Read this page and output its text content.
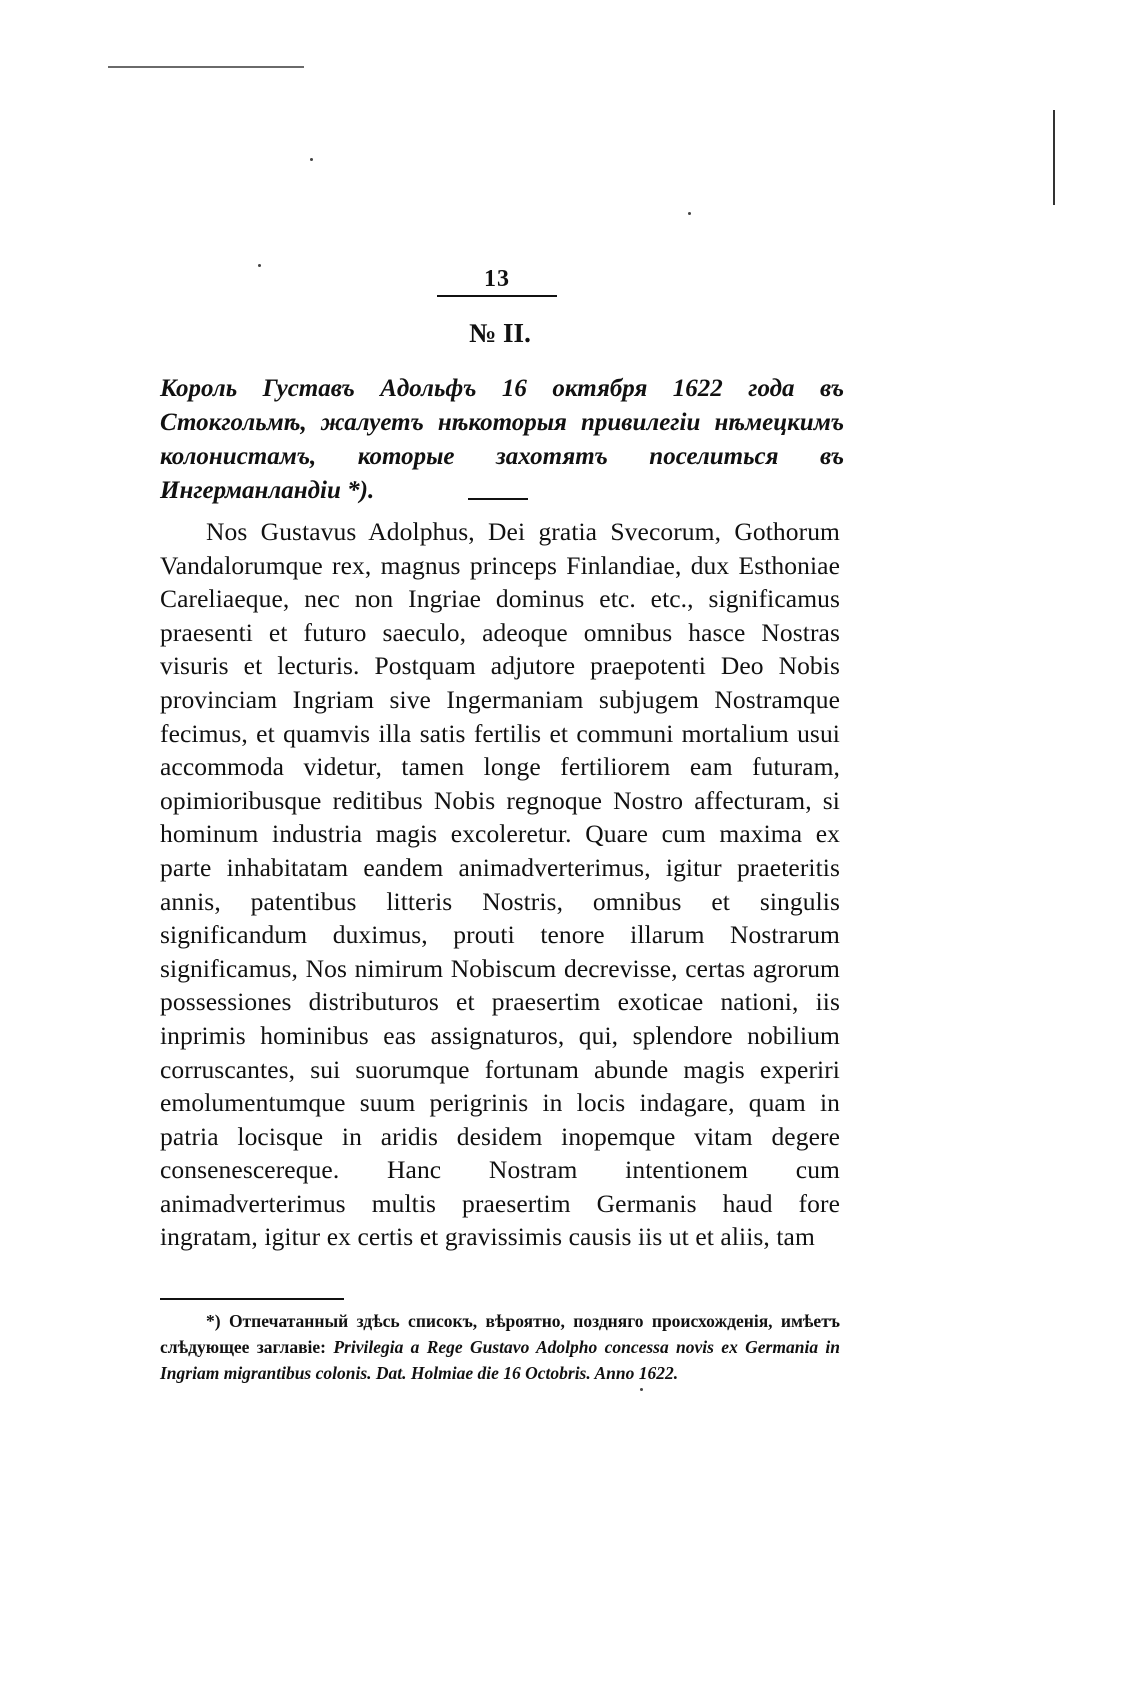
13
№ II.
Король Густавъ Адольфъ 16 октября 1622 года въ Стокгольмѣ, жалуетъ нѣкоторыя привилегiи нѣмецкимъ колонистамъ, которые захотятъ поселиться въ Ингерманландiи *).
Nos Gustavus Adolphus, Dei gratia Svecorum, Gothorum Vandalorumque rex, magnus princeps Finlandiae, dux Esthoniae Careliaeque, nec non Ingriae dominus etc. etc., significamus praesenti et futuro saeculo, adeoque omnibus hasce Nostras visuris et lecturis. Postquam adjutore praepotenti Deo Nobis provinciam Ingriam sive Ingermaniam subjugem Nostramque fecimus, et quamvis illa satis fertilis et communi mortalium usui accommoda videtur, tamen longe fertiliorem eam futuram, opimioribusque reditibus Nobis regnoque Nostro affecturam, si hominum industria magis excoleretur. Quare cum maxima ex parte inhabitatam eandem animadverterimus, igitur praeteritis annis, patentibus litteris Nostris, omnibus et singulis significandum duximus, prouti tenore illarum Nostrarum significamus, Nos nimirum Nobiscum decrevisse, certas agrorum possessiones distributuros et praesertim exoticae nationi, iis inprimis hominibus eas assignaturos, qui, splendore nobilium corruscantes, sui suorumque fortunam abunde magis experiri emolumentumque suum perigrinis in locis indagare, quam in patria locisque in aridis desidem inopemque vitam degere consenescereque. Hanc Nostram intentionem cum animadverterimus multis praesertim Germanis haud fore ingratam, igitur ex certis et gravissimis causis iis ut et aliis, tam
*) Отпечатанный здѣсь списокъ, вѣроятно, поздняго происхожденiя, имѣетъ слѣдующее заглавiе: Privilegia a Rege Gustavo Adolpho concessa novis ex Germania in Ingriam migrantibus colonis. Dat. Holmiae die 16 Octobris. Anno 1622.
